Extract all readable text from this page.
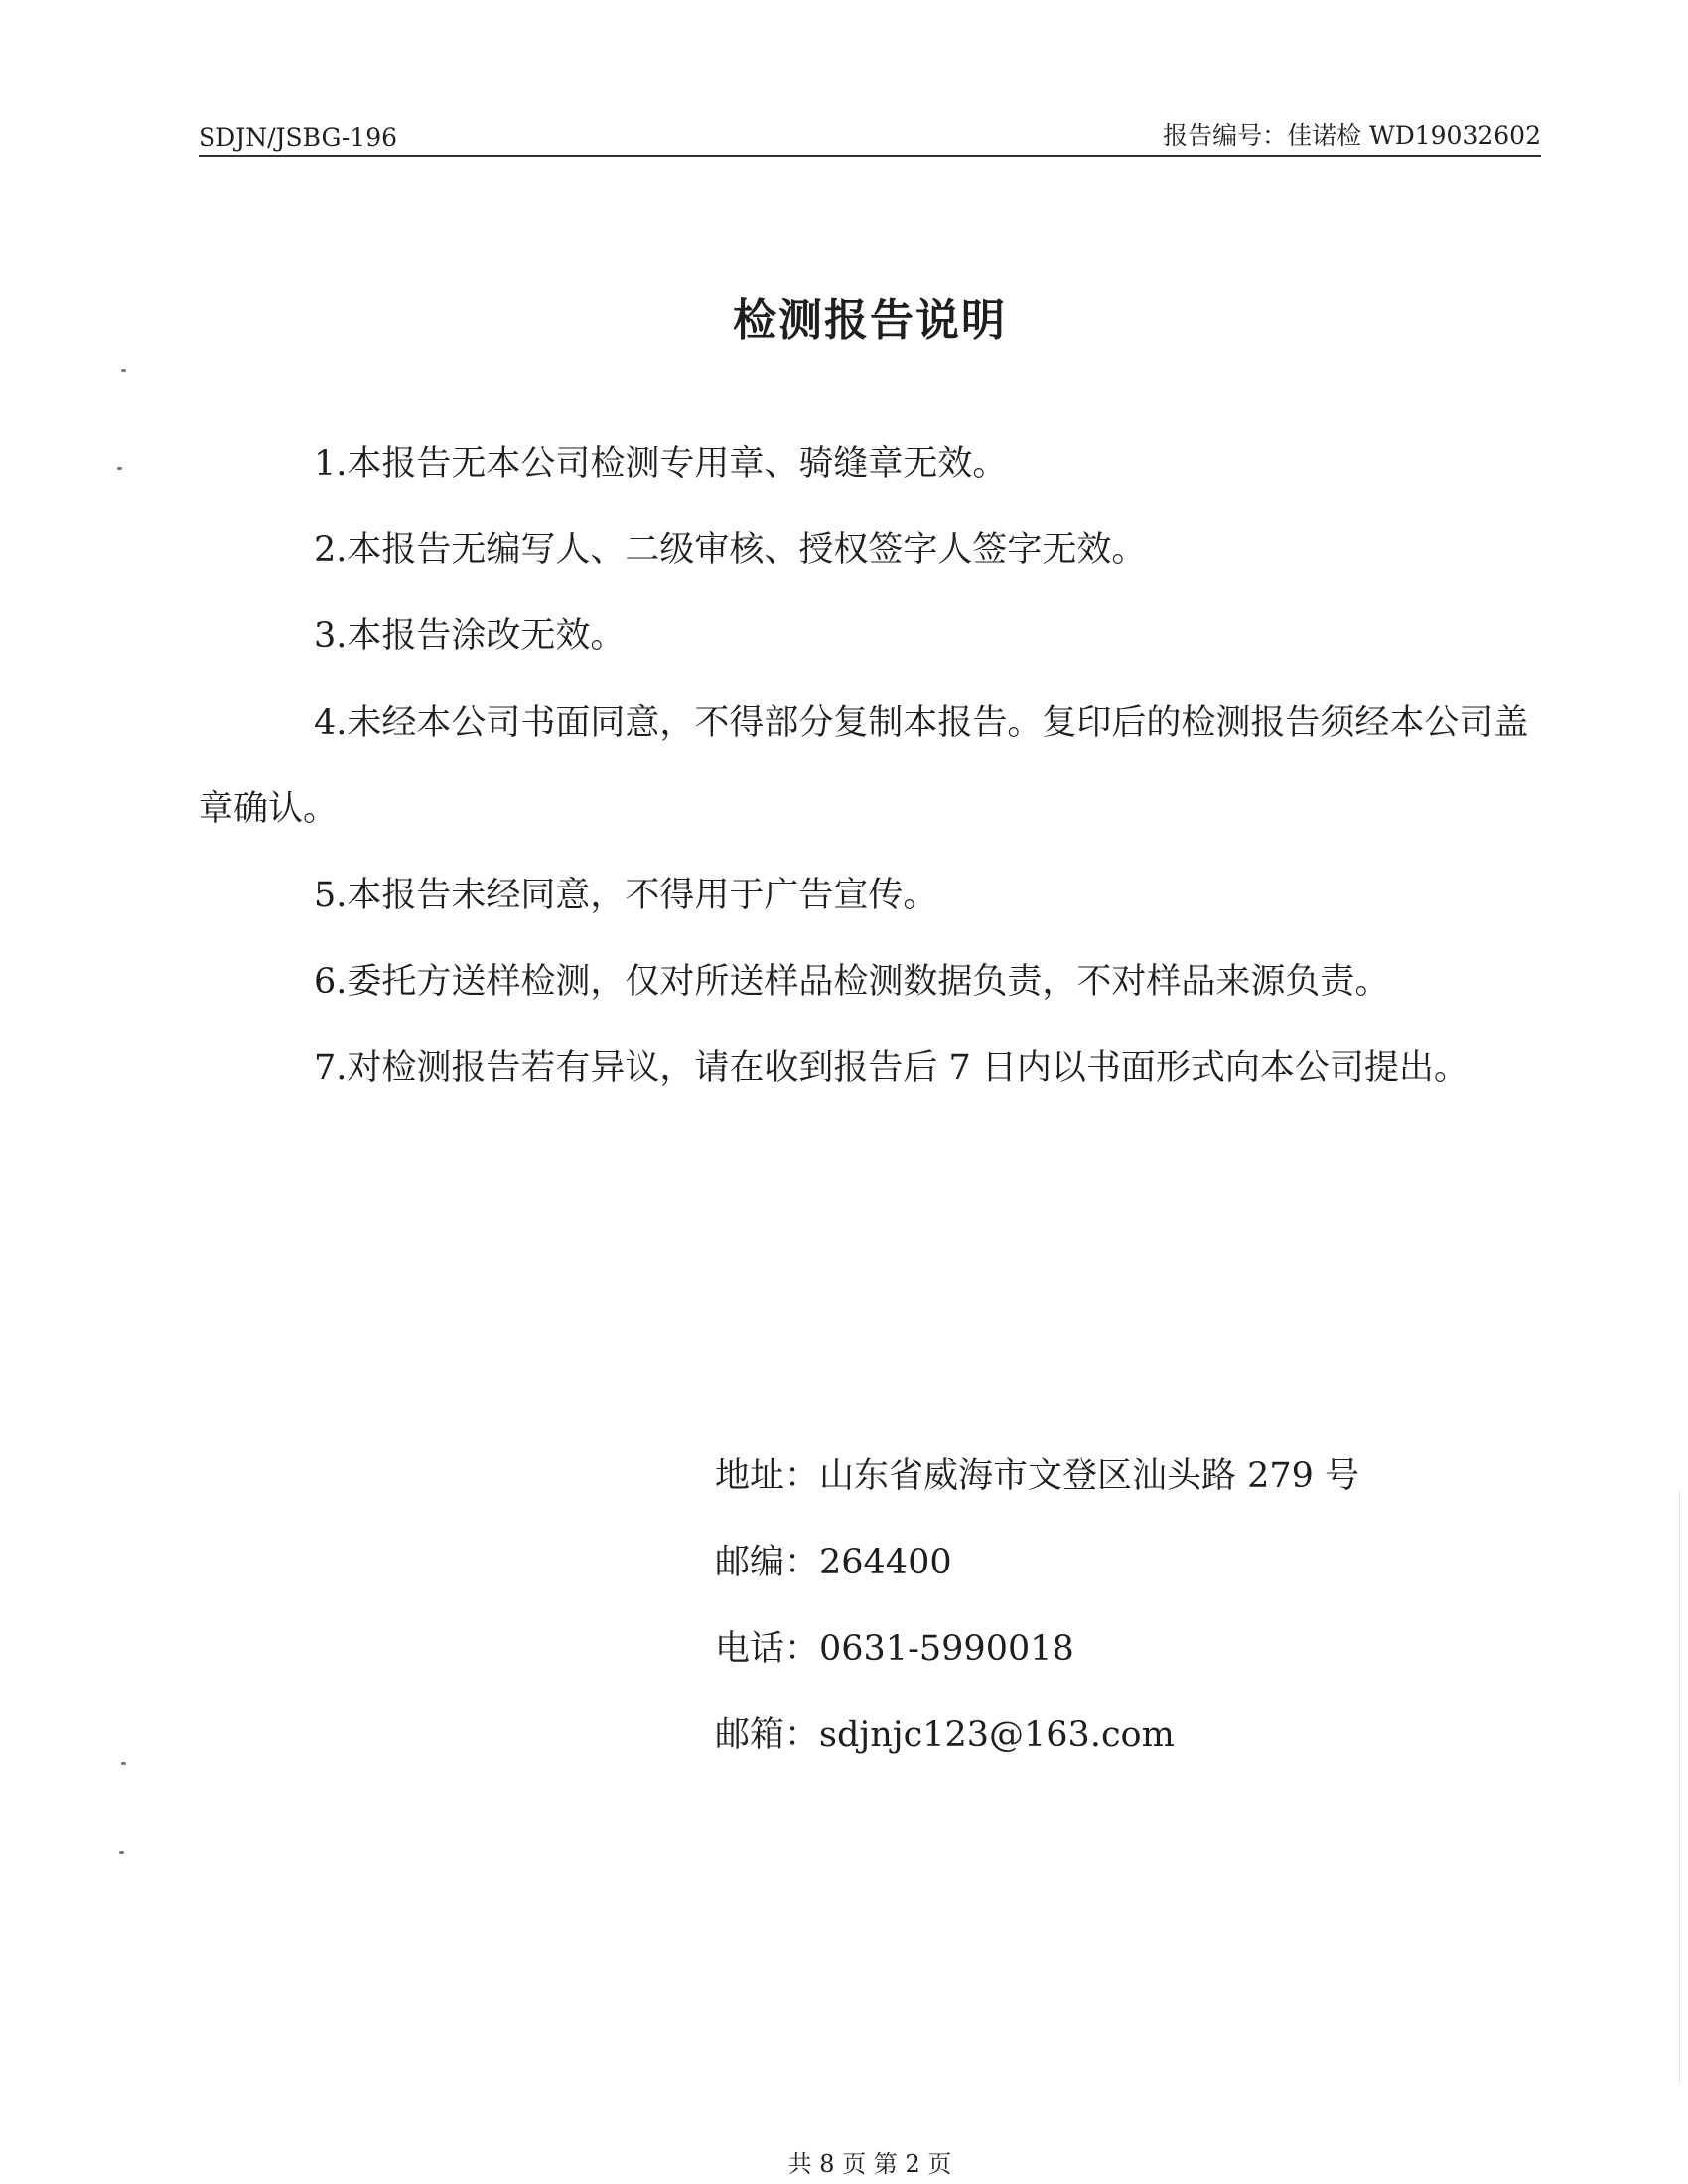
SDJN/JSBG-196	报告编号：佳诺检 WD19032602
检测报告说明
1.本报告无本公司检测专用章、骑缝章无效。
2.本报告无编写人、二级审核、授权签字人签字无效。
3.本报告涂改无效。
4.未经本公司书面同意，不得部分复制本报告。复印后的检测报告须经本公司盖章确认。
5.本报告未经同意，不得用于广告宣传。
6.委托方送样检测，仅对所送样品检测数据负责，不对样品来源负责。
7.对检测报告若有异议，请在收到报告后 7 日内以书面形式向本公司提出。
地址：山东省威海市文登区汕头路 279 号
邮编：264400
电话：0631-5990018
邮箱：sdjnjc123@163.com
共 8 页 第 2 页
